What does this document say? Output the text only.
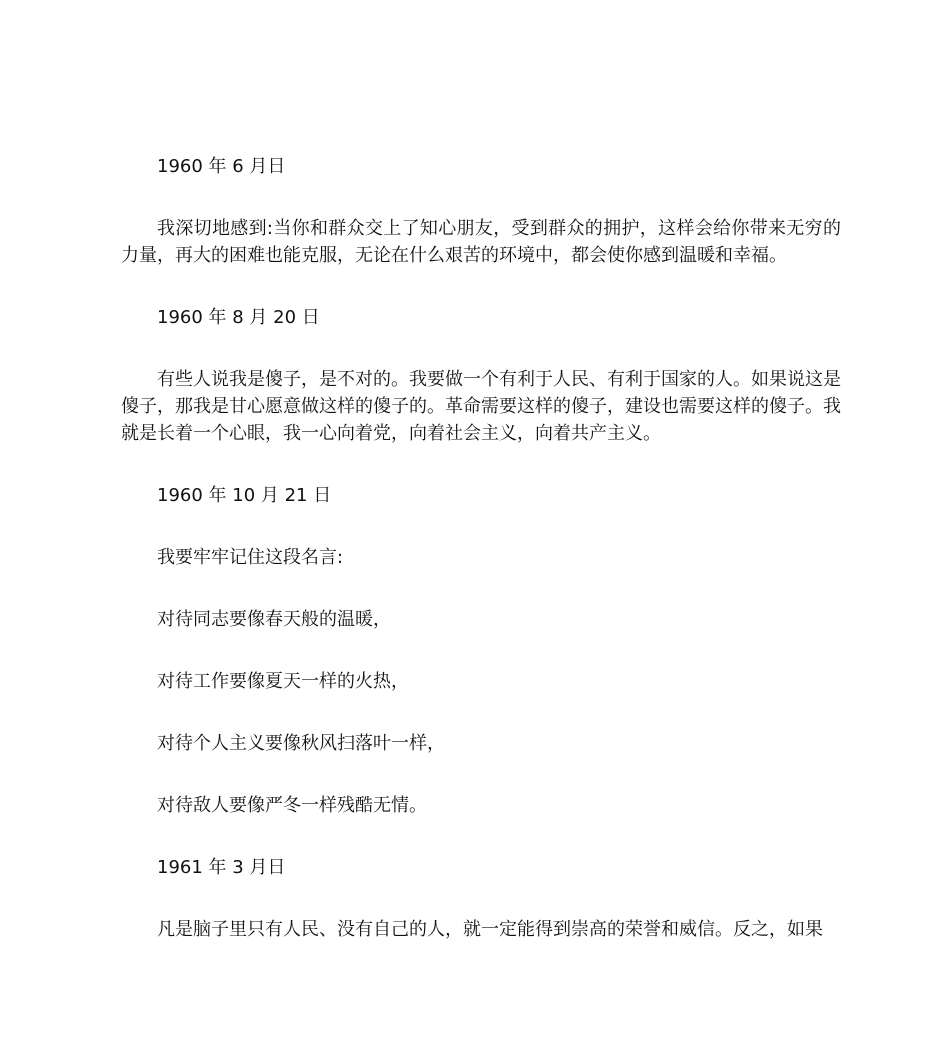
1960 年 6 月日

我深切地感到:当你和群众交上了知心朋友，受到群众的拥护，这样会给你带来无穷的力量，再大的困难也能克服，无论在什么艰苦的环境中，都会使你感到温暖和幸福。

1960 年 8 月 20 日

有些人说我是傻子，是不对的。我要做一个有利于人民、有利于国家的人。如果说这是傻子，那我是甘心愿意做这样的傻子的。革命需要这样的傻子，建设也需要这样的傻子。我就是长着一个心眼，我一心向着党，向着社会主义，向着共产主义。

1960 年 10 月 21 日

我要牢牢记住这段名言:

对待同志要像春天般的温暖，

对待工作要像夏天一样的火热，

对待个人主义要像秋风扫落叶一样，

对待敌人要像严冬一样残酷无情。

1961 年 3 月日

凡是脑子里只有人民、没有自己的人，就一定能得到崇高的荣誉和威信。反之，如果
